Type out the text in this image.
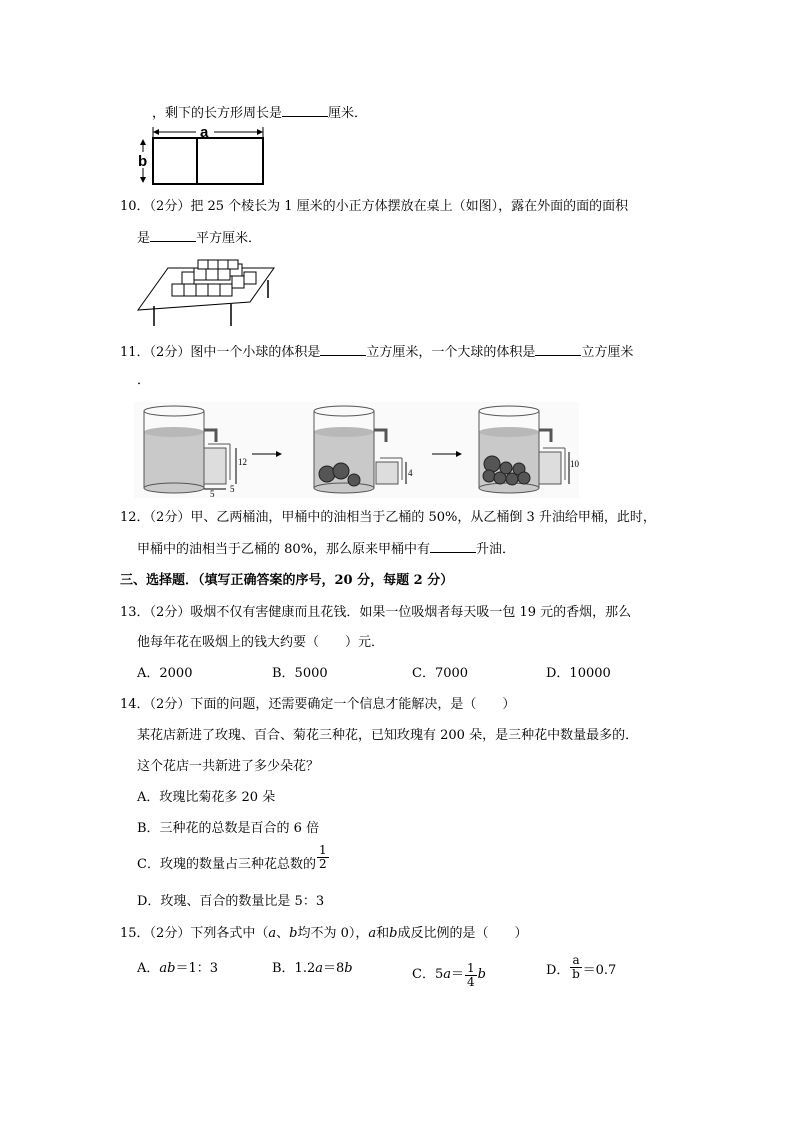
，剩下的长方形周长是	厘米．
a
b
10．（2分）把 25 个棱长为 1 厘米的小正方体摆放在桌上（如图），露在外面的面的面积
是	平方厘米．
11．（2分）图中一个小球的体积是	立方厘米，一个大球的体积是	立方厘米
．
12
5 5
4
10
12．（2分）甲、乙两桶油，甲桶中的油相当于乙桶的 50%，从乙桶倒 3 升油给甲桶，此时，
甲桶中的油相当于乙桶的 80%，那么原来甲桶中有	升油．
三、选择题．（填写正确答案的序号，20 分，每题 2 分）
13．（2分）吸烟不仅有害健康而且花钱．如果一位吸烟者每天吸一包 19 元的香烟，那么
他每年花在吸烟上的钱大约要（　　）元．
A．2000	B．5000	C．7000	D．10000
14．（2分）下面的问题，还需要确定一个信息才能解决，是（　　）
某花店新进了玫瑰、百合、菊花三种花，已知玫瑰有 200 朵，是三种花中数量最多的．
这个花店一共新进了多少朵花？
A．玫瑰比菊花多 20 朵
B．三种花的总数是百合的 6 倍
C．玫瑰的数量占三种花总数的 $\frac{1}{2}$
D．玫瑰、百合的数量比是 5：3
15．（2分）下列各式中（a、b均不为 0），a和b成反比例的是（　　）
A．ab＝1：3	B．1.2a＝8b	C．$5a= \frac{1}{4}$ b	D． $\frac{a}{b} =0.7$
